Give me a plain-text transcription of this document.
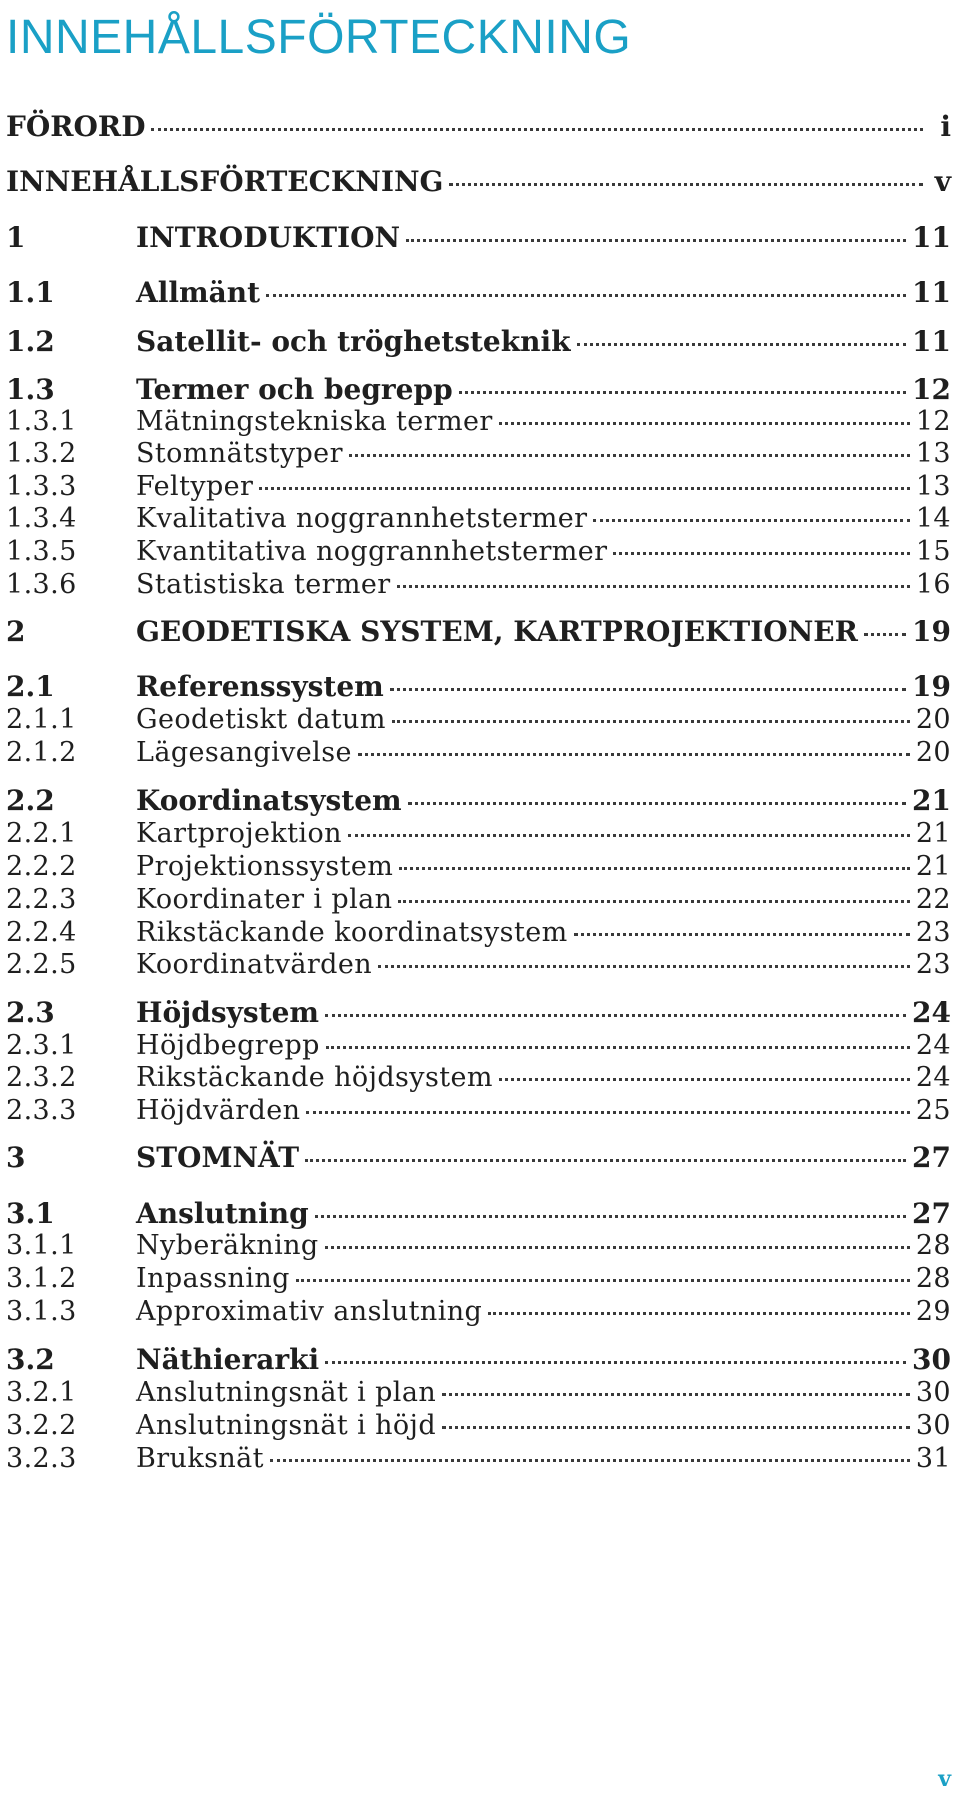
INNEHÅLLSFÖRTECKNING
FÖRORD	i
INNEHÅLLSFÖRTECKNING	v
1	INTRODUKTION	11
1.1	Allmänt	11
1.2	Satellit- och tröghetsteknik	11
1.3	Termer och begrepp	12
1.3.1	Mätningstekniska termer	12
1.3.2	Stomnätstyper	13
1.3.3	Feltyper	13
1.3.4	Kvalitativa noggrannhetstermer	14
1.3.5	Kvantitativa noggrannhetstermer	15
1.3.6	Statistiska termer	16
2	GEODETISKA SYSTEM, KARTPROJEKTIONER 19
2.1	Referenssystem	19
2.1.1	Geodetiskt datum	20
2.1.2	Lägesangivelse	20
2.2	Koordinatsystem	21
2.2.1	Kartprojektion	21
2.2.2	Projektionssystem	21
2.2.3	Koordinater i plan	22
2.2.4	Rikstäckande koordinatsystem	23
2.2.5	Koordinatvärden	23
2.3	Höjdsystem	24
2.3.1	Höjdbegrepp	24
2.3.2	Rikstäckande höjdsystem	24
2.3.3	Höjdvärden	25
3	STOMNÄT	27
3.1	Anslutning	27
3.1.1	Nyberäkning	28
3.1.2	Inpassning	28
3.1.3	Approximativ anslutning	29
3.2	Näthierarki	30
3.2.1	Anslutningsnät i plan	30
3.2.2	Anslutningsnät i höjd	30
3.2.3	Bruksnät	31
v
